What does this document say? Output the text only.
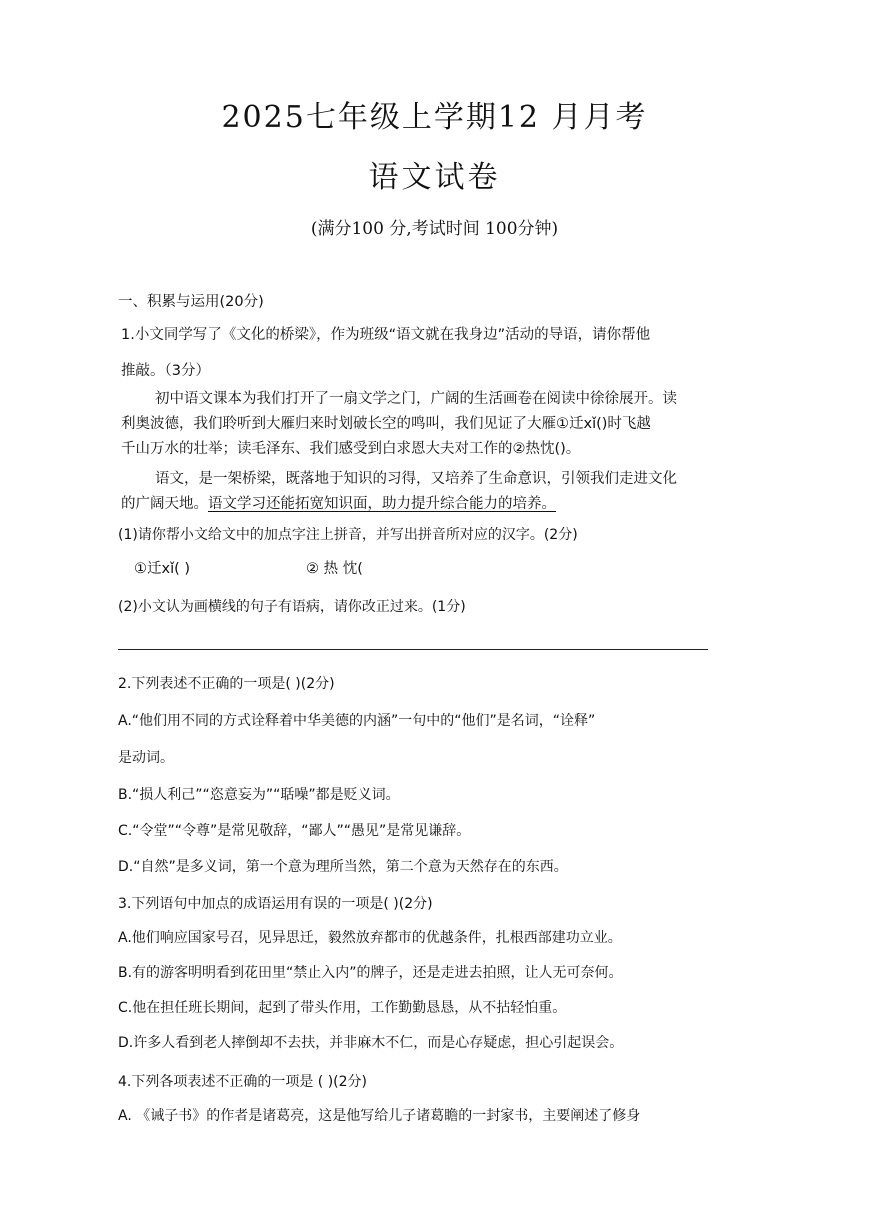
2025七年级上学期12 月月考
语文试卷
(满分100 分,考试时间 100分钟)
一、积累与运用(20分)
1.小文同学写了《文化的桥梁》，作为班级“语文就在我身边”活动的导语，请你帮他
推敲。（3分）
初中语文课本为我们打开了一扇文学之门，广阔的生活画卷在阅读中徐徐展开。读
利奥波德，我们聆听到大雁归来时划破长空的鸣叫，我们见证了大雁①迁xǐ()时飞越
千山万水的壮举；读毛泽东、我们感受到白求恩大夫对工作的②热忱()。
语文，是一架桥梁，既落地于知识的习得，又培养了生命意识，引领我们走进文化
的广阔天地。语文学习还能拓宽知识面，助力提升综合能力的培养。
(1)请你帮小文给文中的加点字注上拼音，并写出拼音所对应的汉字。(2分)
①迁xǐ( )	② 热 忱(
(2)小文认为画横线的句子有语病，请你改正过来。(1分)
2.下列表述不正确的一项是( )(2分)
A.“他们用不同的方式诠释着中华美德的内涵”一句中的“他们”是名词，“诠释”
是动词。
B.“损人利己”“恣意妄为”“聒噪”都是贬义词。
C.“令堂”“令尊”是常见敬辞，“鄙人”“愚见”是常见谦辞。
D.“自然”是多义词，第一个意为理所当然，第二个意为天然存在的东西。
3.下列语句中加点的成语运用有误的一项是( )(2分)
A.他们响应国家号召，见异思迁，毅然放弃都市的优越条件，扎根西部建功立业。
B.有的游客明明看到花田里“禁止入内”的牌子，还是走进去拍照，让人无可奈何。
C.他在担任班长期间，起到了带头作用，工作勤勤恳恳，从不拈轻怕重。
D.许多人看到老人摔倒却不去扶，并非麻木不仁，而是心存疑虑，担心引起误会。
4.下列各项表述不正确的一项是 ( )(2分)
A. 《诫子书》的作者是诸葛亮，这是他写给儿子诸葛瞻的一封家书，主要阐述了修身
